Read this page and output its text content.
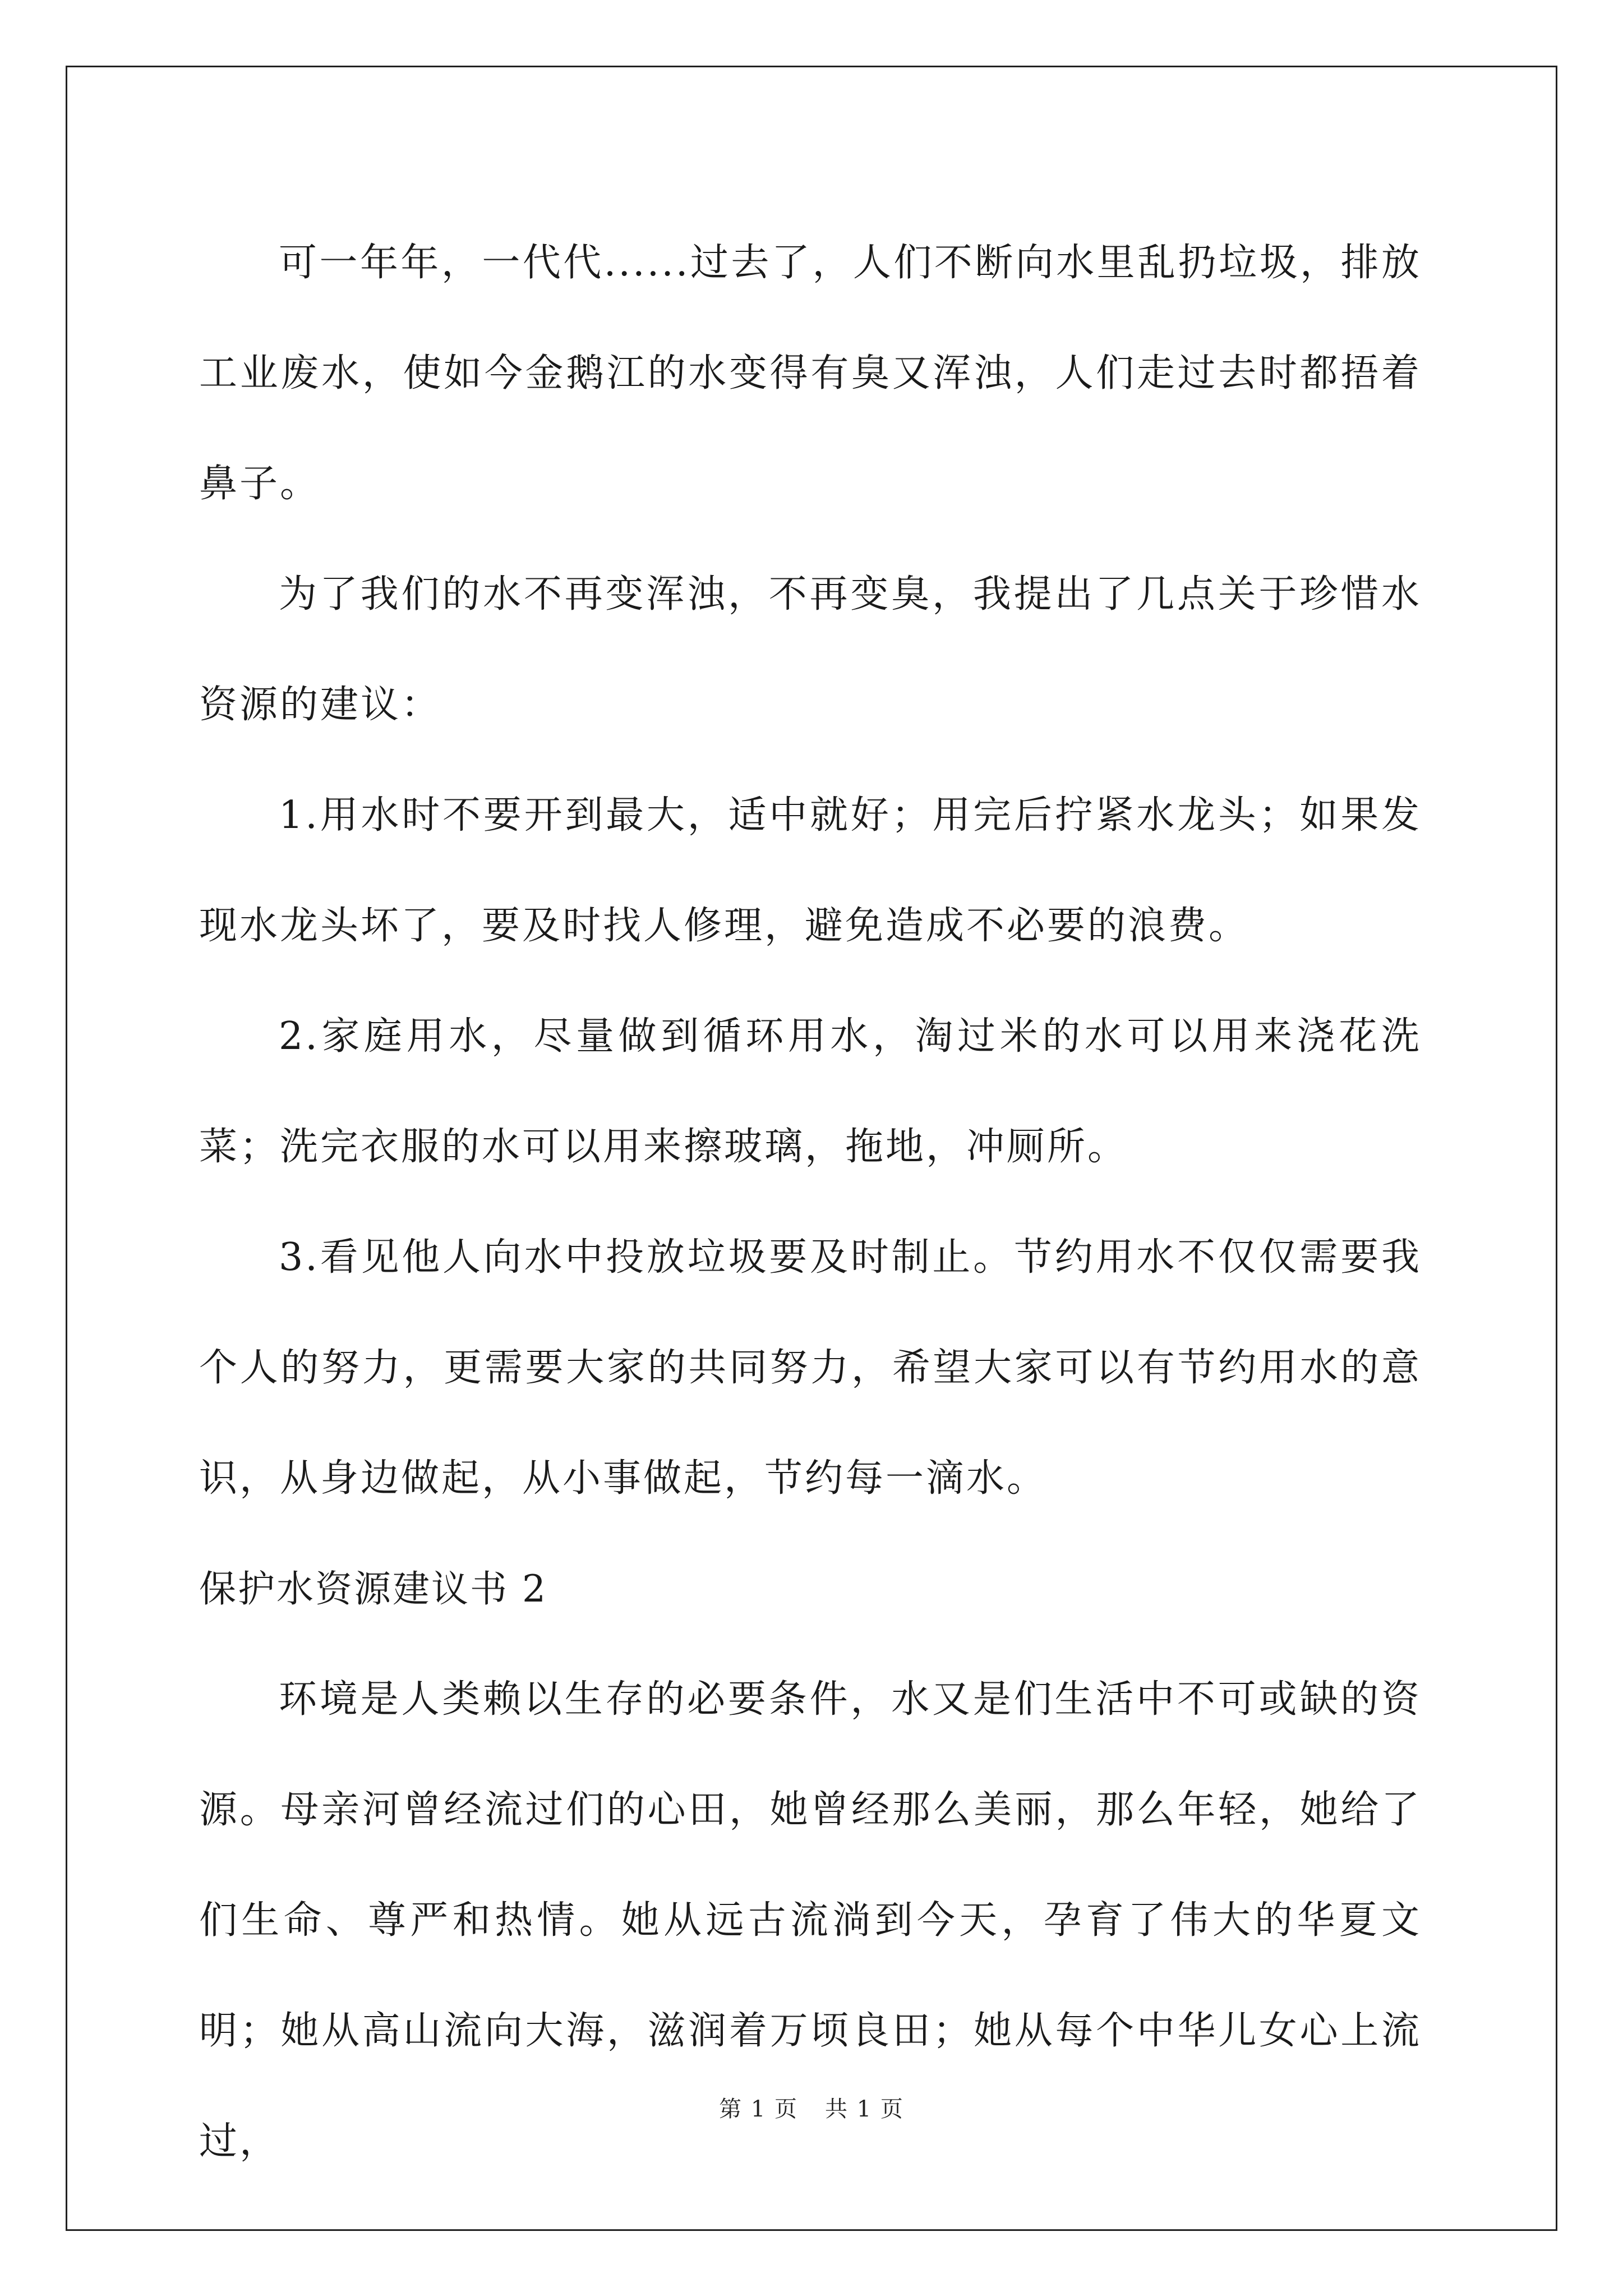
可一年年，一代代......过去了，人们不断向水里乱扔垃圾，排放工业废水，使如今金鹅江的水变得有臭又浑浊，人们走过去时都捂着鼻子。

为了我们的水不再变浑浊，不再变臭，我提出了几点关于珍惜水资源的建议：

1.用水时不要开到最大，适中就好；用完后拧紧水龙头；如果发现水龙头坏了，要及时找人修理，避免造成不必要的浪费。

2.家庭用水，尽量做到循环用水，淘过米的水可以用来浇花洗菜；洗完衣服的水可以用来擦玻璃，拖地，冲厕所。

3.看见他人向水中投放垃圾要及时制止。节约用水不仅仅需要我个人的努力，更需要大家的共同努力，希望大家可以有节约用水的意识，从身边做起，从小事做起，节约每一滴水。

保护水资源建议书 2

环境是人类赖以生存的必要条件，水又是们生活中不可或缺的资源。母亲河曾经流过们的心田，她曾经那么美丽，那么年轻，她给了们生命、尊严和热情。她从远古流淌到今天，孕育了伟大的华夏文明；她从高山流向大海，滋润着万顷良田；她从每个中华儿女心上流过，

第 1 页 共 1 页
